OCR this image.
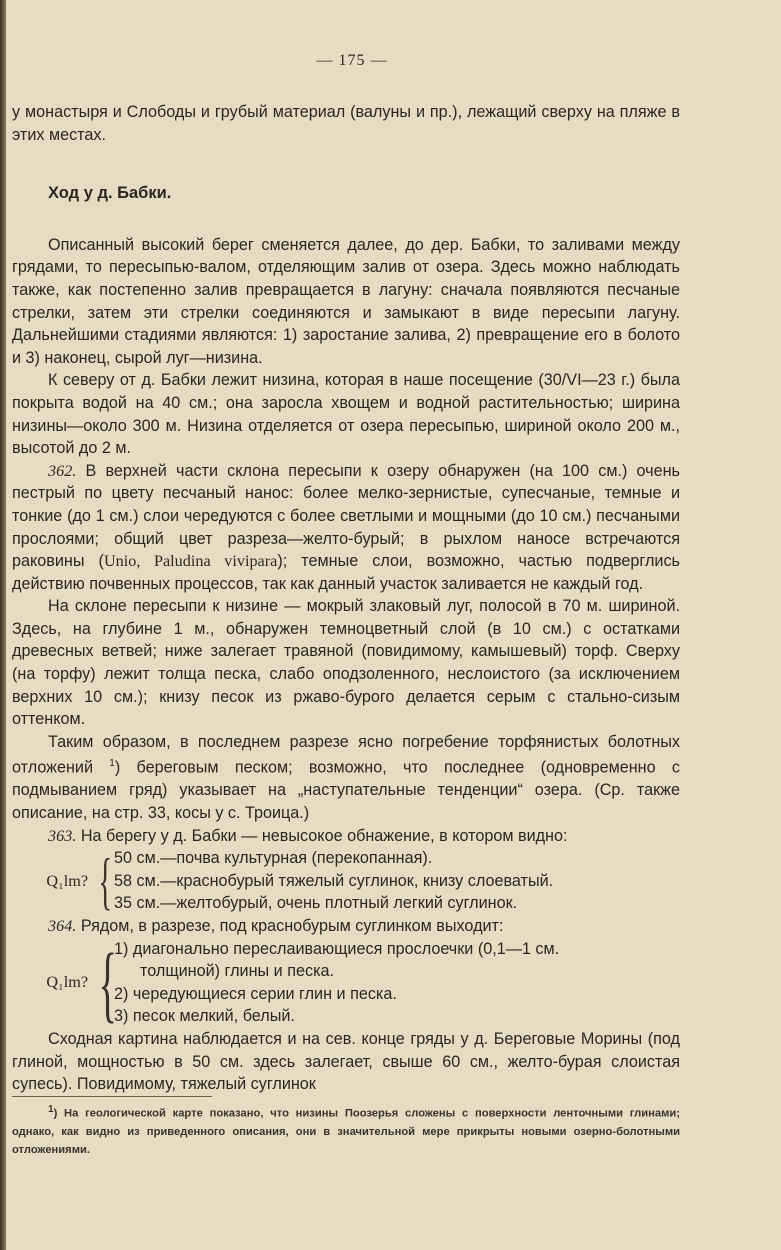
— 175 —

у монастыря и Слободы и грубый материал (валуны и пр.), лежащий сверху на пляже в этих местах.

Ход у д. Бабки.

Описанный высокий берег сменяется далее, до дер. Бабки, то заливами между грядами, то пересыпью-валом, отделяющим залив от озера. Здесь можно наблюдать также, как постепенно залив превращается в лагуну: сначала появляются песчаные стрелки, затем эти стрелки соединяются и замыкают в виде пересыпи лагуну. Дальнейшими стадиями являются: 1) заростание залива, 2) превращение его в болото и 3) наконец, сырой луг—низина.

К северу от д. Бабки лежит низина, которая в наше посещение (30/VI—23 г.) была покрыта водой на 40 см.; она заросла хвощем и водной растительностью; ширина низины—около 300 м. Низина отделяется от озера пересыпью, шириной около 200 м., высотой до 2 м.

362. В верхней части склона пересыпи к озеру обнаружен (на 100 см.) очень пестрый по цвету песчаный нанос: более мелко-зернистые, супесчаные, темные и тонкие (до 1 см.) слои чередуются с более светлыми и мощными (до 10 см.) песчаными прослоями; общий цвет разреза—желто-бурый; в рыхлом наносе встречаются раковины (Unio, Paludina vivipara); темные слои, возможно, частью подверглись действию почвенных процессов, так как данный участок заливается не каждый год.

На склоне пересыпи к низине — мокрый злаковый луг, полосой в 70 м. шириной. Здесь, на глубине 1 м., обнаружен темноцветный слой (в 10 см.) с остатками древесных ветвей; ниже залегает травяной (повидимому, камышевый) торф. Сверху (на торфу) лежит толща песка, слабо оподзоленного, неслоистого (за исключением верхних 10 см.); книзу песок из ржаво-бурого делается серым с стально-сизым оттенком.

Таким образом, в последнем разрезе ясно погребение торфянистых болотных отложений $^1$) береговым песком; возможно, что последнее (одновременно с подмыванием гряд) указывает на „наступательные тенденции“ озера. (Ср. также описание, на стр. 33, косы у с. Троица.)

363. На берегу у д. Бабки — невысокое обнажение, в котором видно:

Q₁lm? { 50 см.—почва культурная (перекопанная).
58 см.—краснобурый тяжелый суглинок, книзу слоеватый.
35 см.—желтобурый, очень плотный легкий суглинок.

364. Рядом, в разрезе, под краснобурым суглинком выходит:

Q₁lm? {
1) диагонально переслаивающиеся прослоечки (0,1—1 см.
толщиной) глины и песка.
2) чередующиеся серии глин и песка.
3) песок мелкий, белый.

Сходная картина наблюдается и на сев. конце гряды у д. Береговые Морины (под глиной, мощностью в 50 см. здесь залегает, свыше 60 см., желто-бурая слоистая супесь). Повидимому, тяжелый суглинок

$^1$) На геологической карте показано, что низины Поозерья сложены с поверхности ленточными глинами; однако, как видно из приведенного описания, они в значительной мере прикрыты новыми озерно-болотными отложениями.
